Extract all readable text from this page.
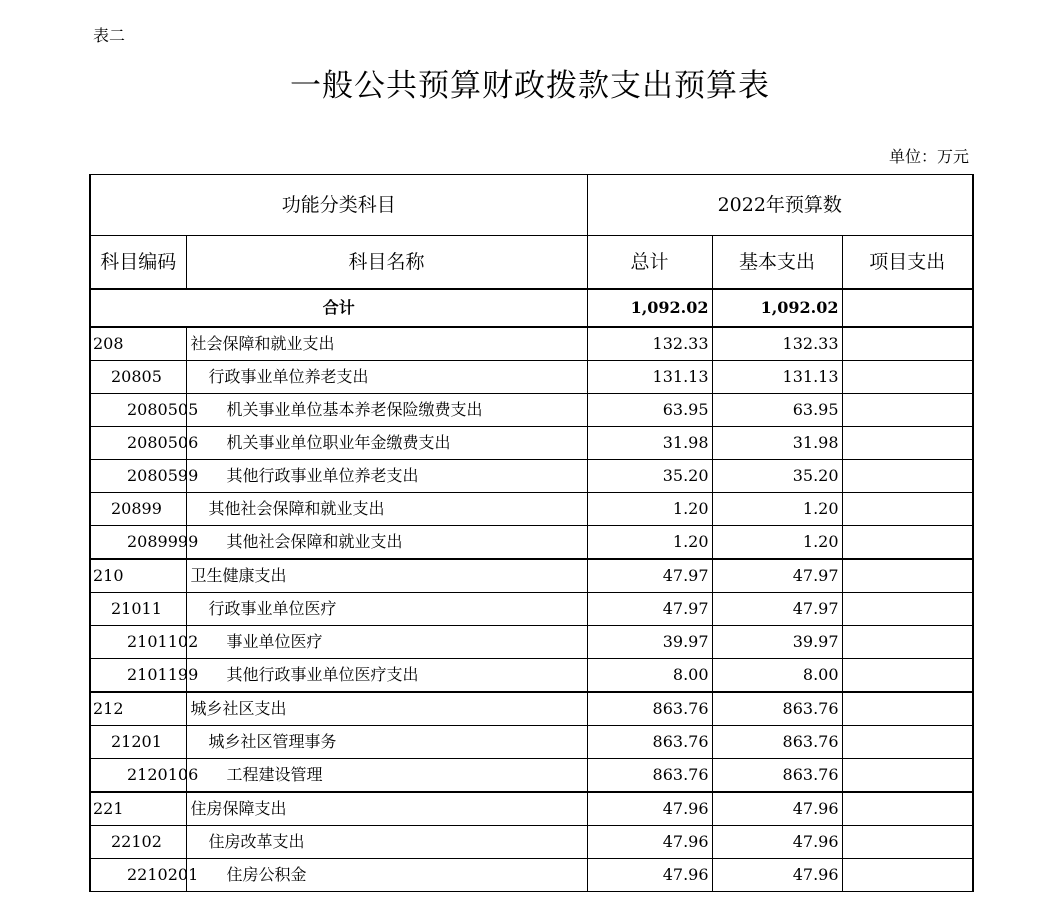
表二
一般公共预算财政拨款支出预算表
单位：万元
功能分类科目		2022年预算数		
科目编码	科目名称	总计	基本支出	项目支出
合计		1,092.02	1,092.02	
208	社会保障和就业支出	132.33	132.33	
20805	行政事业单位养老支出	131.13	131.13	
2080505	机关事业单位基本养老保险缴费支出	63.95	63.95	
2080506	机关事业单位职业年金缴费支出	31.98	31.98	
2080599	其他行政事业单位养老支出	35.20	35.20	
20899	其他社会保障和就业支出	1.20	1.20	
2089999	其他社会保障和就业支出	1.20	1.20	
210	卫生健康支出	47.97	47.97	
21011	行政事业单位医疗	47.97	47.97	
2101102	事业单位医疗	39.97	39.97	
2101199	其他行政事业单位医疗支出	8.00	8.00	
212	城乡社区支出	863.76	863.76	
21201	城乡社区管理事务	863.76	863.76	
2120106	工程建设管理	863.76	863.76	
221	住房保障支出	47.96	47.96	
22102	住房改革支出	47.96	47.96	
2210201	住房公积金	47.96	47.96	
